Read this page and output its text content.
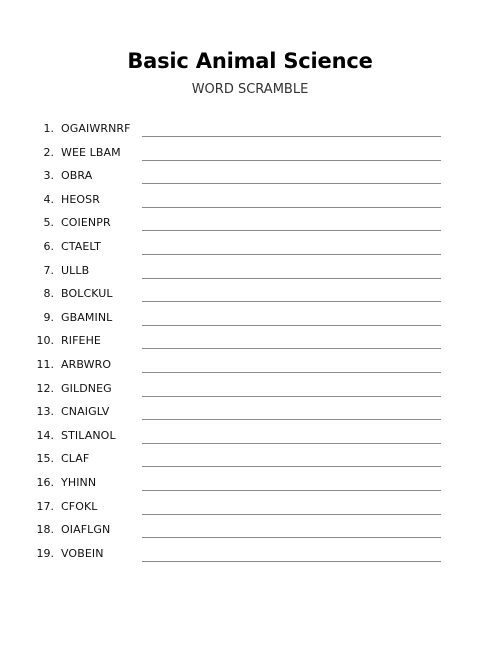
Basic Animal Science
WORD SCRAMBLE
1. OGAIWRNRF
2. WEE LBAM
3. OBRA
4. HEOSR
5. COIENPR
6. CTAELT
7. ULLB
8. BOLCKUL
9. GBAMINL
10. RIFEHE
11. ARBWRO
12. GILDNEG
13. CNAIGLV
14. STILANOL
15. CLAF
16. YHINN
17. CFOKL
18. OIAFLGN
19. VOBEIN
